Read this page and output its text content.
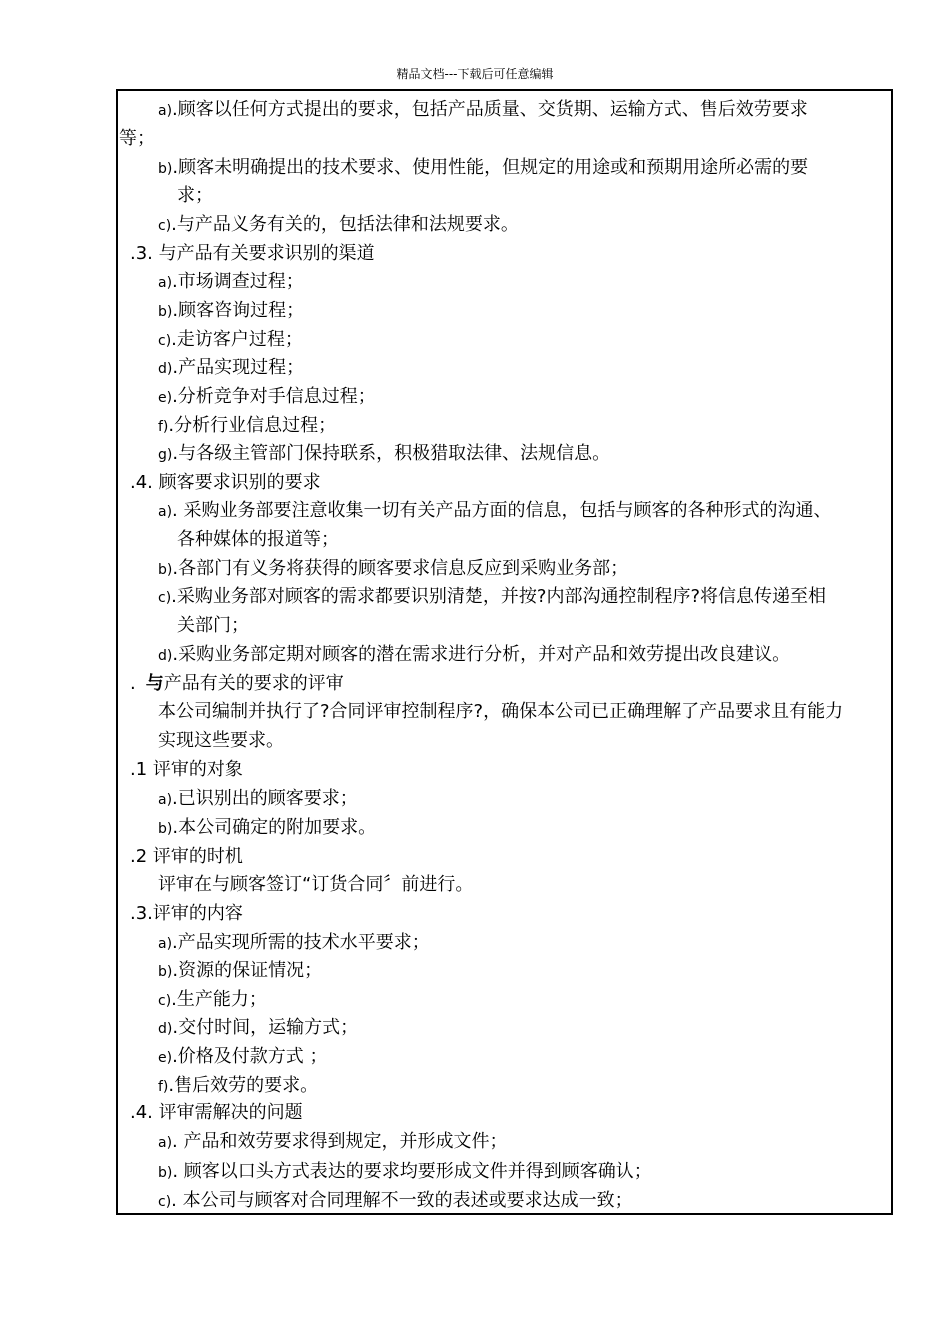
精品文档---下载后可任意编辑
a).顾客以任何方式提出的要求，包括产品质量、交货期、运输方式、售后效劳要求
等；
b).顾客未明确提出的技术要求、使用性能，但规定的用途或和预期用途所必需的要
求；
c).与产品义务有关的，包括法律和法规要求。
.3. 与产品有关要求识别的渠道
a).市场调查过程；
b).顾客咨询过程；
c).走访客户过程；
d).产品实现过程；
e).分析竞争对手信息过程；
f).分析行业信息过程；
g).与各级主管部门保持联系，积极猎取法律、法规信息。
.4. 顾客要求识别的要求
a). 采购业务部要注意收集一切有关产品方面的信息，包括与顾客的各种形式的沟通、
各种媒体的报道等；
b).各部门有义务将获得的顾客要求信息反应到采购业务部；
c).采购业务部对顾客的需求都要识别清楚，并按?内部沟通控制程序?将信息传递至相
关部门；
d).采购业务部定期对顾客的潜在需求进行分析，并对产品和效劳提出改良建议。
. 与产品有关的要求的评审
本公司编制并执行了?合同评审控制程序?，确保本公司已正确理解了产品要求且有能力
实现这些要求。
.1 评审的对象
a).已识别出的顾客要求；
b).本公司确定的附加要求。
.2 评审的时机
评审在与顾客签订“订货合同〞前进行。
.3.评审的内容
a).产品实现所需的技术水平要求；
b).资源的保证情况；
c).生产能力；
d).交付时间，运输方式；
e).价格及付款方式 ；
f).售后效劳的要求。
.4. 评审需解决的问题
a). 产品和效劳要求得到规定，并形成文件；
b). 顾客以口头方式表达的要求均要形成文件并得到顾客确认；
c). 本公司与顾客对合同理解不一致的表述或要求达成一致；
